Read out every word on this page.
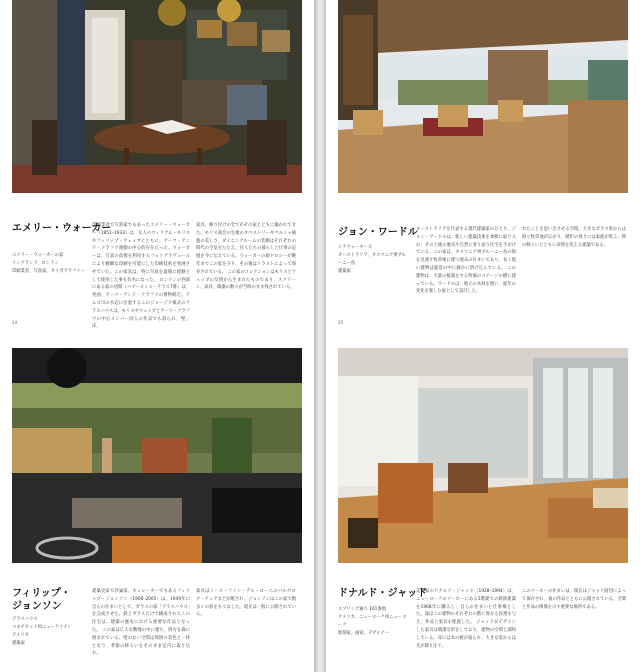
エメリー・ウォーカー
エメリー・ウォーカーの家
イングランド、ロンドン
印刷業者、写真家、タイポグラファー
14
印刷業者で写真家でもあったエメリー・ウォーカー（1851–1933）は、友人のウィリアム・モリスやフィリップ・ウェッブとともに、アーツ・アンド・クラフツ運動の中心的存在だった。ウォーカーは、写真の負像を利用するフォトグラヴュールにより精緻な印刷を可能にした印刷技術を発展させていた。この家具は、特に写真を最後に経験として使用した事も有名になった。 ロンドンの西部にある家の居間（ハマースミス・テラス7番）は、英国、アーツ・アンド・クラフツの博物館だ。テムズ川の水辺に位置するこのジョージア様式のテラスハウスは、モリスやウェッブとアーツ・クラフツの中心メンバー同人の作品でも彩られ、壁、床、
家具、飾り付けの全てがその家とともに築かれてきた。モリス商会の生地のタペストリーやペルシャ絨毯の美しさ、ダイニングルームの装飾はそれぞれの時代の空気をたたえ、住人たちの暮らしと仕事の記憶を今に伝えている。ウォーカーの娘ドロシーが晩年までこの家を守り、その後はトラストによって保存されている。 この家のコレクションはモリスとウェッブの友情から生まれたものであり、スクリーン、家具、陶器の数々が当時のまま残されている。
フィリップ・
ジョンソン
グラスハウス
コネチカット州ニューケイナン
アメリカ
建築家
建築史家で評論家、キュレーターでもあるフィリップ・ジョンソン（1906–2005）は、1949年に自らの住まいとして、ガラスの家「グラスハウス」を完成させた。鉄とガラスだけで構成されたこの住宅は、建築の歴史における重要な作品となった。 この家は広大な敷地の中に建ち、四方を森に囲まれている。壁のない空間は周囲の景色と一体となり、季節の移ろいをそのまま室内に取り込む。
家具はミース・ファン・デル・ローエのバルセロナ・チェアなどが配され、ジョンソンはこの家で数多くの客をもてなした。現在は一般に公開されている。
ジョン・ワードル
シアウォーターズ
オーストラリア、タスマニア州ブルーニー島
建築家
25
オーストラリアを代表する現代建築家のひとり、ジョン・ワードルは、新しい建築技術を柔軟に取り入れ、その土地の歴史や自然に寄り添う住宅を手がけている。この家は、タスマニア州ブルーニー島の海を見渡す牧草地に建つ週末の住まいであり、長く低い建物は風景の中に静かに溶け込んでいる。 この建物は、大量の植栽をする牧場のコテージの横に建っている。ワードルは、地元の木材を使い、経年の変化を楽しむ家として設計した。
れたことを思い出させる空間。大きなガラス窓からは海と牧草地が広がり、暖炉の周りには家族が集う。時の移ろいとともに表情を変える建築である。
ドナルド・ジャッド
スプリング通り 101番地
アメリカ、ニューヨーク州ニューヨーク
彫刻家、画家、デザイナー
美術家のドナルド・ジャッド（1928–1994）は、ニューヨークのソーホーにある5階建ての鋳鉄建築を1968年に購入し、自らの住まいと仕事場とした。彼はこの建物のそれぞれの階に異なる役割を与え、作品と家具を配置した。 ジャッドがデザインした家具は簡潔な形をしており、建物の空間と調和している。床には木の板が張られ、大きな窓からは光が降り注ぐ。
このソーホーの住まいは、現在はジャッド財団によって保存され、彼の作品とともに公開されている。空間と作品の関係を示す重要な場所である。
